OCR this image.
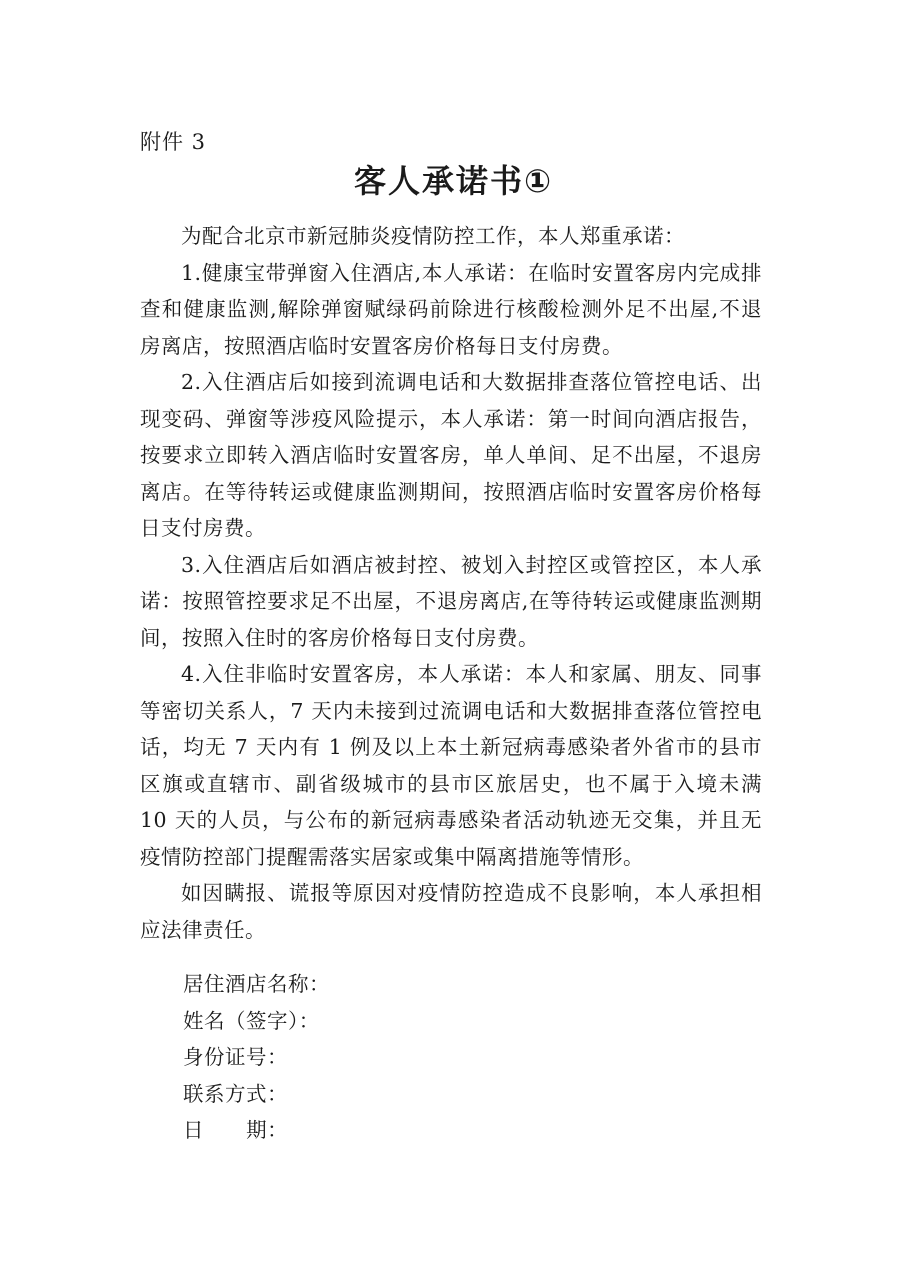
附件 3
客人承诺书①

为配合北京市新冠肺炎疫情防控工作，本人郑重承诺：

1.健康宝带弹窗入住酒店,本人承诺：在临时安置客房内完成排查和健康监测,解除弹窗赋绿码前除进行核酸检测外足不出屋,不退房离店，按照酒店临时安置客房价格每日支付房费。

2.入住酒店后如接到流调电话和大数据排查落位管控电话、出现变码、弹窗等涉疫风险提示，本人承诺：第一时间向酒店报告，按要求立即转入酒店临时安置客房，单人单间、足不出屋，不退房离店。在等待转运或健康监测期间，按照酒店临时安置客房价格每日支付房费。

3.入住酒店后如酒店被封控、被划入封控区或管控区，本人承诺：按照管控要求足不出屋，不退房离店,在等待转运或健康监测期间，按照入住时的客房价格每日支付房费。

4.入住非临时安置客房，本人承诺：本人和家属、朋友、同事等密切关系人，7 天内未接到过流调电话和大数据排查落位管控电话，均无 7 天内有 1 例及以上本土新冠病毒感染者外省市的县市区旗或直辖市、副省级城市的县市区旅居史，也不属于入境未满 10 天的人员，与公布的新冠病毒感染者活动轨迹无交集，并且无疫情防控部门提醒需落实居家或集中隔离措施等情形。

如因瞒报、谎报等原因对疫情防控造成不良影响，本人承担相应法律责任。

居住酒店名称：
姓名（签字）：
身份证号：
联系方式：
日      期：
